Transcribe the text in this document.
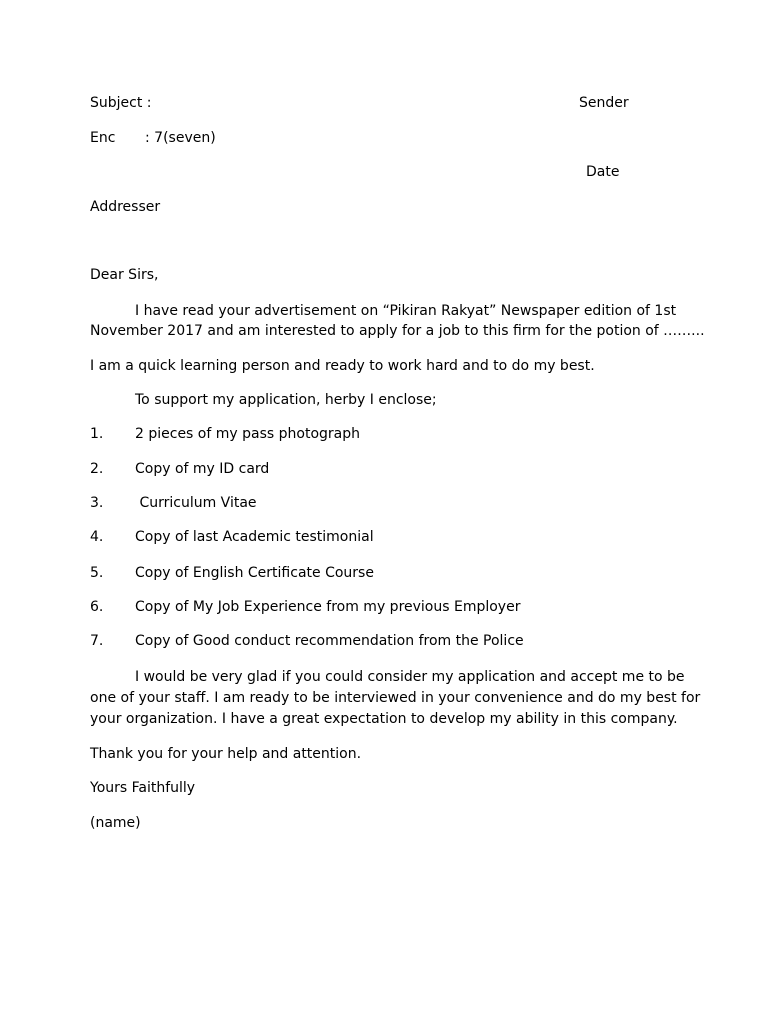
Subject :	Sender
Enc : 7(seven)
Date
Addresser
Dear Sirs,
I have read your advertisement on “Pikiran Rakyat” Newspaper edition of 1st
November 2017 and am interested to apply for a job to this firm for the potion of ……...
I am a quick learning person and ready to work hard and to do my best.
To support my application, herby I enclose;
1. 2 pieces of my pass photograph
2. Copy of my ID card
3. Curriculum Vitae
4. Copy of last Academic testimonial
5. Copy of English Certificate Course
6. Copy of My Job Experience from my previous Employer
7. Copy of Good conduct recommendation from the Police
I would be very glad if you could consider my application and accept me to be
one of your staff. I am ready to be interviewed in your convenience and do my best for
your organization. I have a great expectation to develop my ability in this company.
Thank you for your help and attention.
Yours Faithfully
(name)
